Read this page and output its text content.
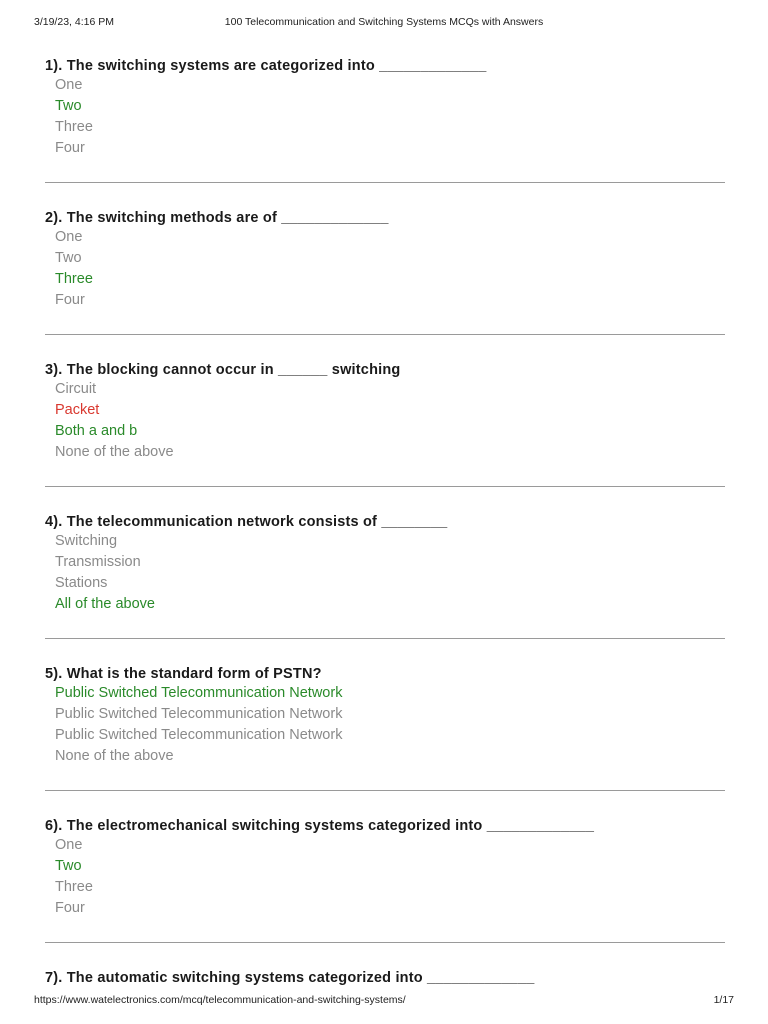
3/19/23, 4:16 PM	100 Telecommunication and Switching Systems MCQs with Answers
1). The switching systems are categorized into _____________
One
Two
Three
Four
2). The switching methods are of _____________
One
Two
Three
Four
3). The blocking cannot occur in ______ switching
Circuit
Packet
Both a and b
None of the above
4). The telecommunication network consists of ________
Switching
Transmission
Stations
All of the above
5). What is the standard form of PSTN?
Public Switched Telecommunication Network
Public Switched Telecommunication Network
Public Switched Telecommunication Network
None of the above
6). The electromechanical switching systems categorized into _____________
One
Two
Three
Four
7). The automatic switching systems categorized into _____________
https://www.watelectronics.com/mcq/telecommunication-and-switching-systems/	1/17
